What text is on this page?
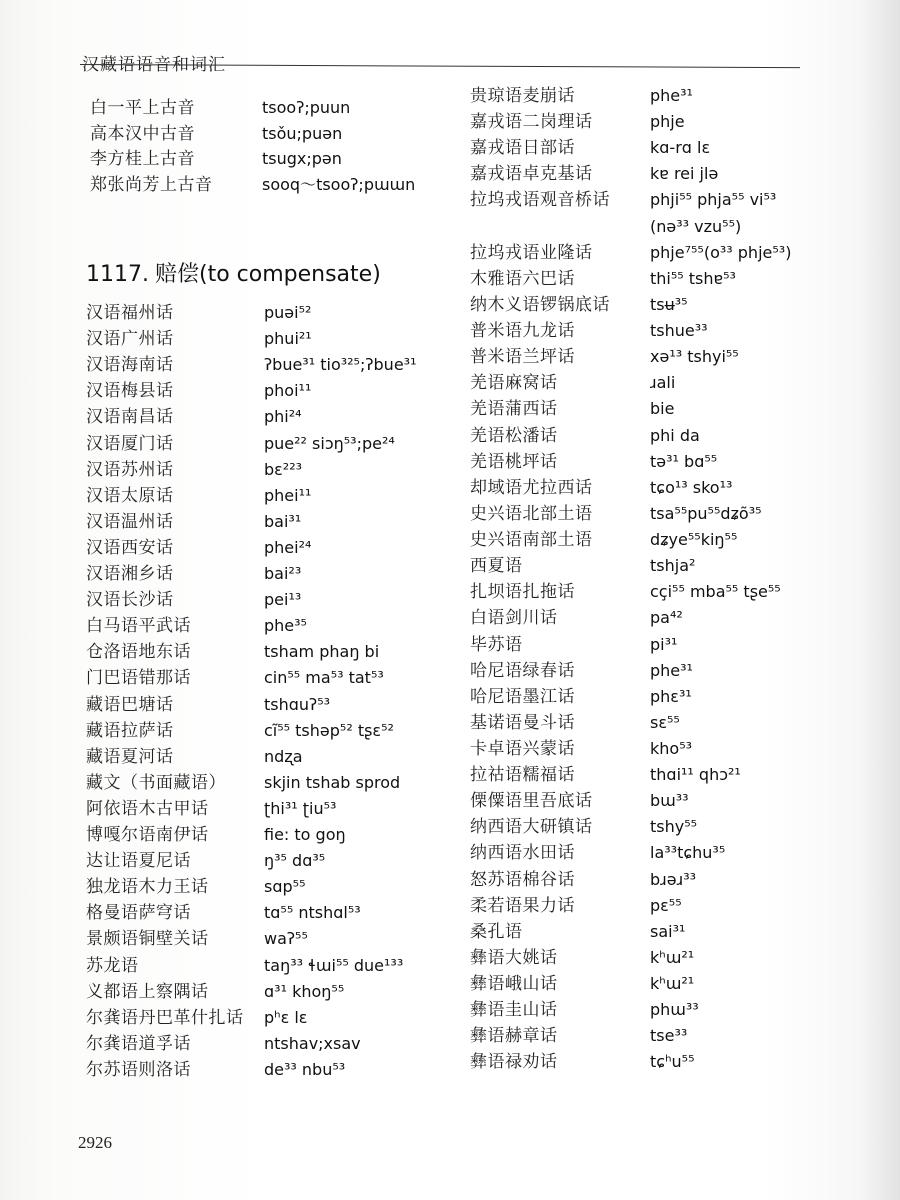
汉藏语语音和词汇
白一平上古音	tsooʔ;puun
高本汉中古音	tsǒu;puən
李方桂上古音	tsugx;pən
郑张尚芳上古音	sooq～tsooʔ;pɯɯn
汉语福州话	puəi⁵²
汉语广州话	phui²¹
汉语海南话	ʔbue³¹ tio³²⁵;ʔbue³¹
汉语梅县话	phoi¹¹
汉语南昌话	phi²⁴
汉语厦门话	pue²² siɔŋ⁵³;pe²⁴
汉语苏州话	bɛ²²³
汉语太原话	phei¹¹
汉语温州话	bai³¹
汉语西安话	phei²⁴
汉语湘乡话	bai²³
汉语长沙话	pei¹³
白马语平武话	phe³⁵
仓洛语地东话	tsham phaŋ bi
门巴语错那话	cin⁵⁵ ma⁵³ tat⁵³
藏语巴塘话	tshɑuʔ⁵³
藏语拉萨话	cĩ⁵⁵ tshəp⁵² tʂɛ⁵²
藏语夏河话	ndʐa
藏文（书面藏语） skjin tshab sprod
阿依语木古甲话	ʈhi³¹ ʈiu⁵³
博嘎尔语南伊话	fie: to goŋ
达让语夏尼话	ŋ³⁵ dɑ³⁵
独龙语木力王话	sɑp⁵⁵
格曼语萨穹话	tɑ⁵⁵ ntshɑl⁵³
景颇语铜壁关话	waʔ⁵⁵
苏龙语	taŋ³³ ɬɯi⁵⁵ due¹³³
义都语上察隅话	ɑ³¹ khoŋ⁵⁵
尔龚语丹巴革什扎话 pʰɛ lɛ
尔龚语道孚话	ntshav;xsav
尔苏语则洛话	de³³ nbu⁵³
贵琼语麦崩话	phe³¹
嘉戎语二岗理话	phje
嘉戎语日部话	kɑ-rɑ lɛ
嘉戎语卓克基话	kɐ rei jlə
拉坞戎语观音桥话	phji⁵⁵ phja⁵⁵ vi⁵³
(nə³³ vzu⁵⁵)
拉坞戎语业隆话	phje⁷⁵⁵(o³³ phje⁵³)
木雅语六巴话	thi⁵⁵ tshɐ⁵³
纳木义语锣锅底话	tsʉ³⁵
普米语九龙话	tshue³³
普米语兰坪话	xə¹³ tshyi⁵⁵
羌语麻窝话	ɹali
羌语蒲西话	bie
羌语松潘话	phi da
羌语桃坪话	tə³¹ bɑ⁵⁵
却域语尤拉西话	tɕo¹³ sko¹³
史兴语北部土语	tsa⁵⁵pu⁵⁵dʑõ³⁵
史兴语南部土语	dʑye⁵⁵kiŋ⁵⁵
西夏语	tshja²
扎坝语扎拖话	cçi⁵⁵ mba⁵⁵ tʂe⁵⁵
白语剑川话	pa⁴²
毕苏语	pi³¹
哈尼语绿春话	phe³¹
哈尼语墨江话	phɛ³¹
基诺语曼斗话	sɛ⁵⁵
卡卓语兴蒙话	kho⁵³
拉祜语糯福话	thɑi¹¹ qhɔ²¹
傈僳语里吾底话	bɯ³³
纳西语大研镇话	tshy⁵⁵
纳西语水田话	la³³tɕhu³⁵
怒苏语棉谷话	bɹəɹ³³
柔若语果力话	pɛ⁵⁵
桑孔语	sai³¹
彝语大姚话	kʰɯ²¹
彝语峨山话	kʰɯ²¹
彝语圭山话	phɯ³³
彝语赫章话	tse³³
彝语禄劝话	tɕʰu⁵⁵
1117. 赔偿(to compensate)
2926
